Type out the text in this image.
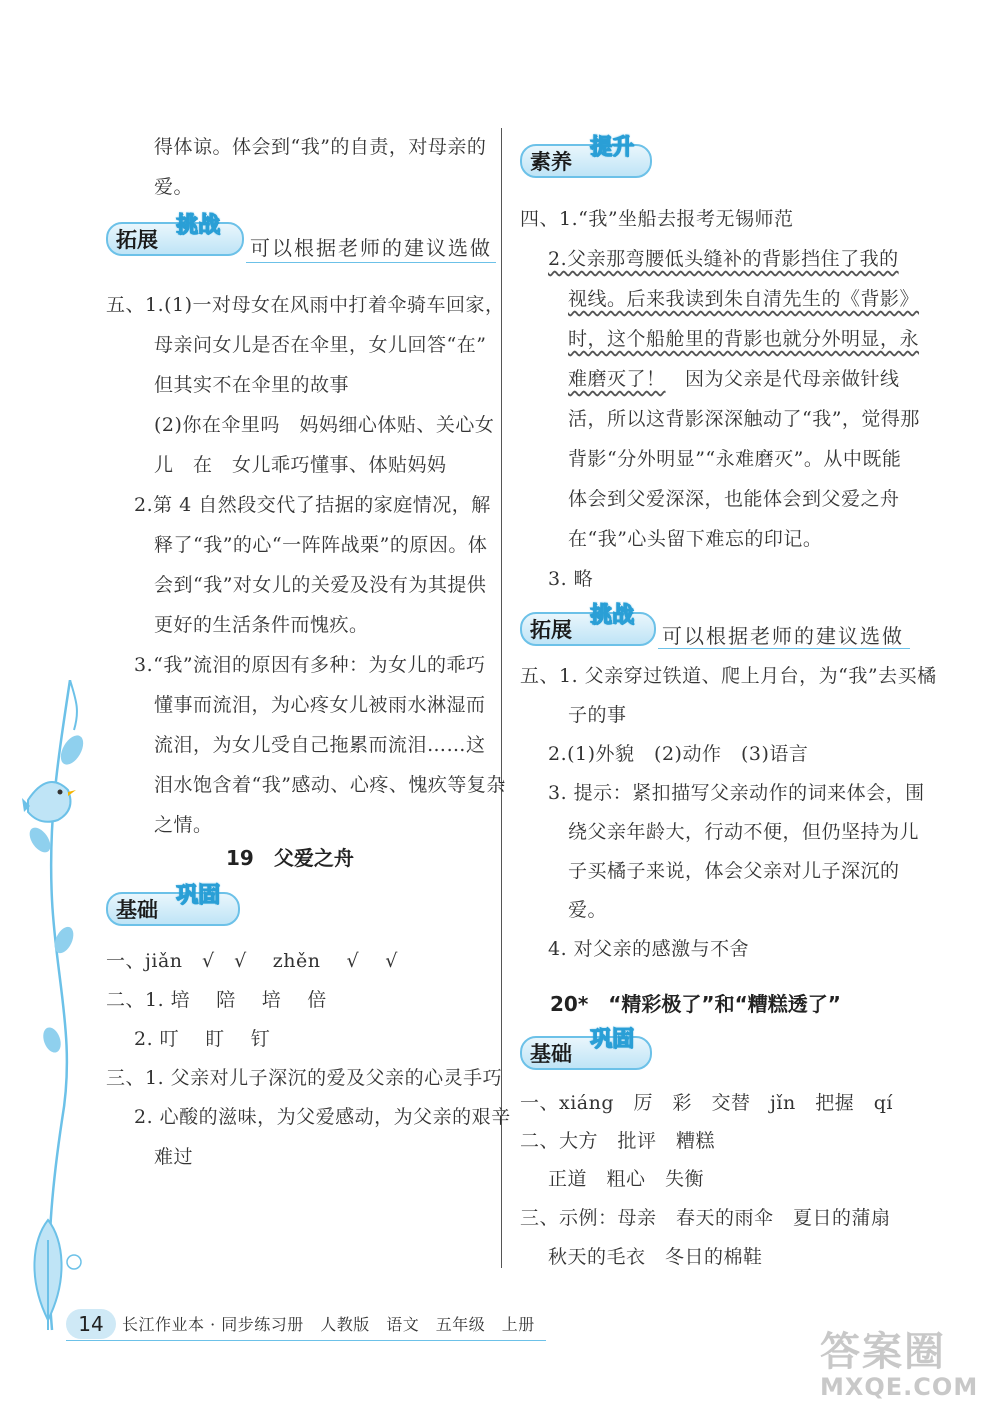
得体谅。体会到“我”的自责，对母亲的
爱。
拓展
挑战
可以根据老师的建议选做
五、1.(1)一对母女在风雨中打着伞骑车回家，
母亲问女儿是否在伞里，女儿回答“在”
但其实不在伞里的故事
(2)你在伞里吗　妈妈细心体贴、关心女
儿　在　女儿乖巧懂事、体贴妈妈
2.第 4 自然段交代了拮据的家庭情况，解
释了“我”的心“一阵阵战栗”的原因。体
会到“我”对女儿的关爱及没有为其提供
更好的生活条件而愧疚。
3.“我”流泪的原因有多种：为女儿的乖巧
懂事而流泪，为心疼女儿被雨水淋湿而
流泪，为女儿受自己拖累而流泪……这
泪水饱含着“我”感动、心疼、愧疚等复杂
之情。
19　父爱之舟
基础
巩固
一、jiǎn　√　√　 zhěn　 √　 √
二、1. 培　 陪　 培　 倍
2. 叮　 盯　 钉
三、1. 父亲对儿子深沉的爱及父亲的心灵手巧
2. 心酸的滋味，为父爱感动，为父亲的艰辛
难过
素养
提升
四、1.“我”坐船去报考无锡师范
2.父亲那弯腰低头缝补的背影挡住了我的
视线。后来我读到朱自清先生的《背影》
时，这个船舱里的背影也就分外明显，永
难磨灭了！　因为父亲是代母亲做针线
活，所以这背影深深触动了“我”，觉得那
背影“分外明显”“永难磨灭”。从中既能
体会到父爱深深，也能体会到父爱之舟
在“我”心头留下难忘的印记。
3. 略
拓展
挑战
可以根据老师的建议选做
五、1. 父亲穿过铁道、爬上月台，为“我”去买橘
子的事
2.(1)外貌　(2)动作　(3)语言
3. 提示：紧扣描写父亲动作的词来体会，围
绕父亲年龄大，行动不便，但仍坚持为儿
子买橘子来说，体会父亲对儿子深沉的
爱。
4. 对父亲的感激与不舍
20*　“精彩极了”和“糟糕透了”
基础
巩固
一、xiáng　厉　彩　交替　jǐn　把握　qí
二、大方　批评　糟糕
正道　粗心　失衡
三、示例：母亲　春天的雨伞　夏日的蒲扇
秋天的毛衣　冬日的棉鞋
14	长江作业本 · 同步练习册　人教版　语文　五年级　上册
答案圈
MXQE.COM
